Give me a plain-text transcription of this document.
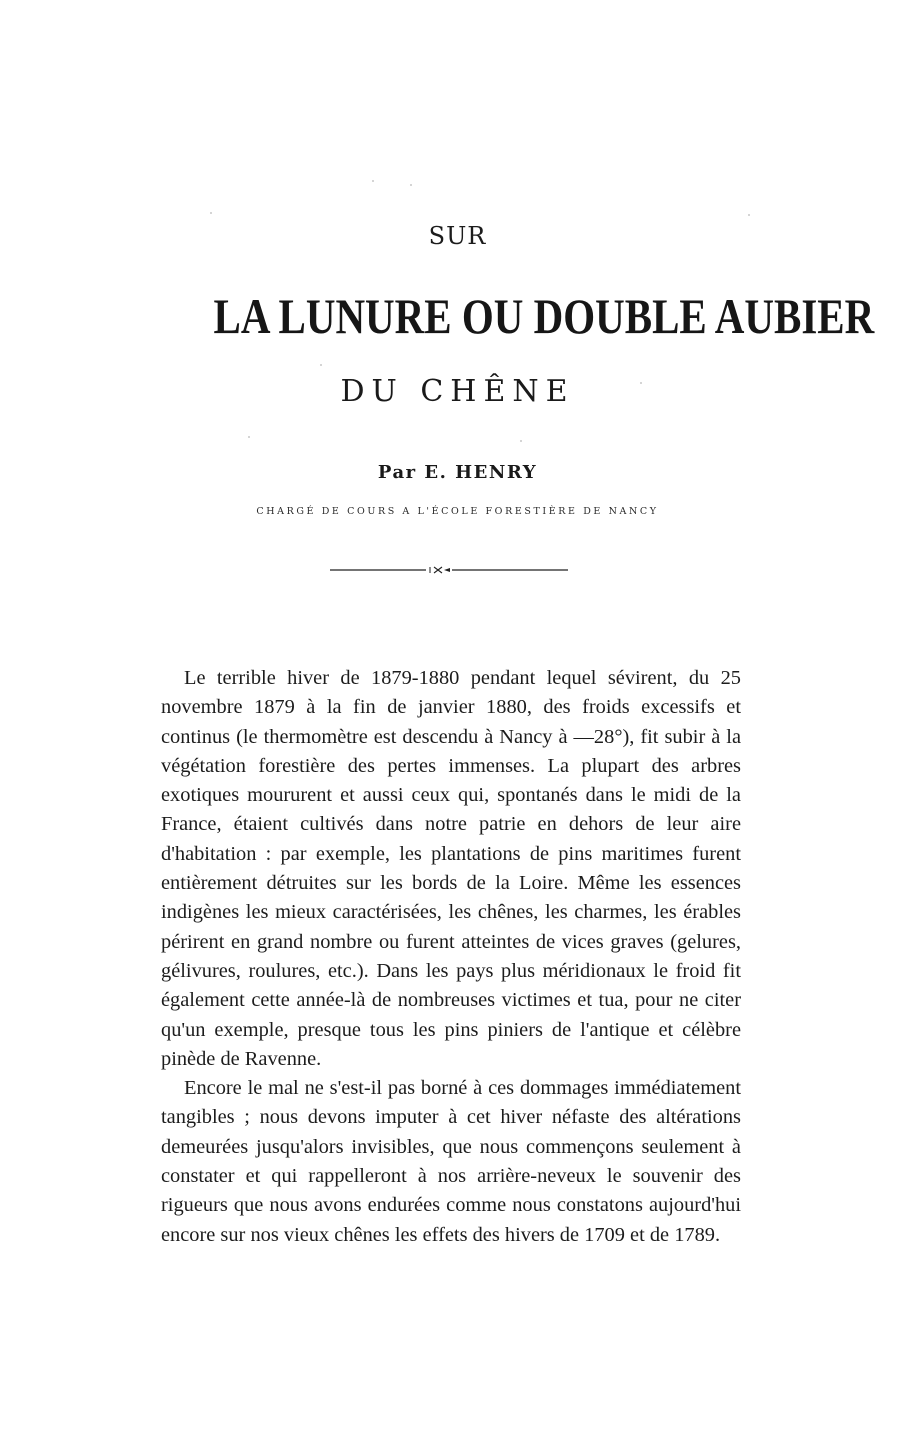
SUR
LA LUNURE OU DOUBLE AUBIER
DU CHÊNE
Par E. HENRY
CHARGÉ DE COURS A L'ÉCOLE FORESTIÈRE DE NANCY

Le terrible hiver de 1879-1880 pendant lequel sévirent, du 25 novembre 1879 à la fin de janvier 1880, des froids excessifs et continus (le thermomètre est descendu à Nancy à —28°), fit subir à la végétation forestière des pertes immenses. La plupart des arbres exotiques moururent et aussi ceux qui, spontanés dans le midi de la France, étaient cultivés dans notre patrie en dehors de leur aire d'habitation : par exemple, les plantations de pins maritimes furent entièrement détruites sur les bords de la Loire. Même les essences indigènes les mieux caractérisées, les chênes, les charmes, les érables périrent en grand nombre ou furent atteintes de vices graves (gelures, gélivures, roulures, etc.). Dans les pays plus méridionaux le froid fit également cette année-là de nombreuses victimes et tua, pour ne citer qu'un exemple, presque tous les pins piniers de l'antique et célèbre pinède de Ravenne.

Encore le mal ne s'est-il pas borné à ces dommages immédiatement tangibles ; nous devons imputer à cet hiver néfaste des altérations demeurées jusqu'alors invisibles, que nous commençons seulement à constater et qui rappelleront à nos arrière-neveux le souvenir des rigueurs que nous avons endurées comme nous constatons aujourd'hui encore sur nos vieux chênes les effets des hivers de 1709 et de 1789.
